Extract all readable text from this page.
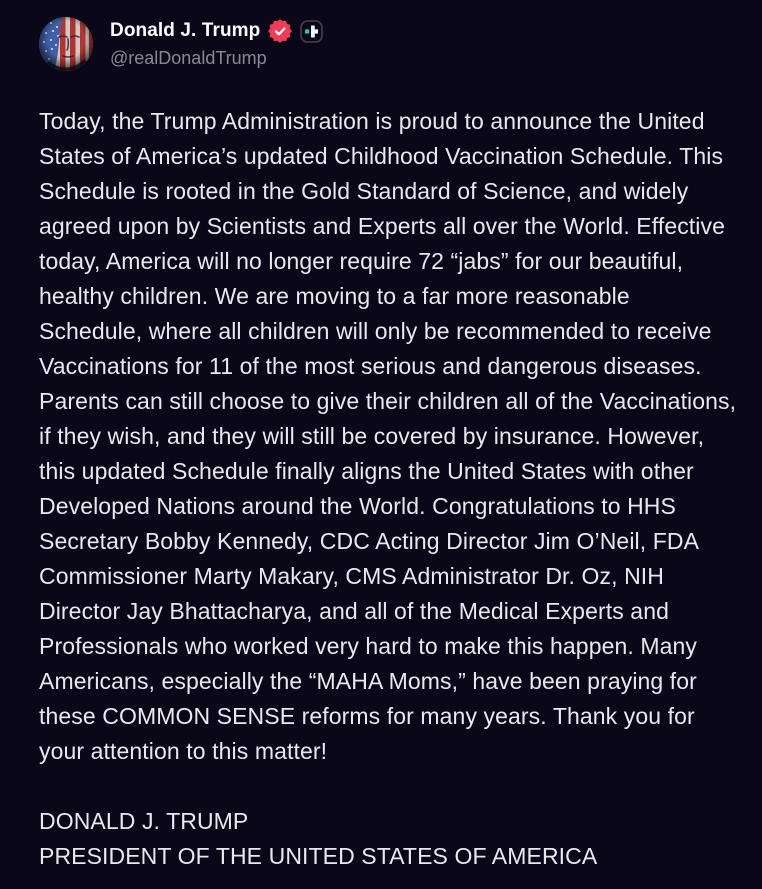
Donald J. Trump
@realDonaldTrump
Today, the Trump Administration is proud to announce the United States of America’s updated Childhood Vaccination Schedule. This Schedule is rooted in the Gold Standard of Science, and widely agreed upon by Scientists and Experts all over the World. Effective today, America will no longer require 72 “jabs” for our beautiful, healthy children. We are moving to a far more reasonable Schedule, where all children will only be recommended to receive Vaccinations for 11 of the most serious and dangerous diseases. Parents can still choose to give their children all of the Vaccinations, if they wish, and they will still be covered by insurance. However, this updated Schedule finally aligns the United States with other Developed Nations around the World. Congratulations to HHS Secretary Bobby Kennedy, CDC Acting Director Jim O’Neil, FDA Commissioner Marty Makary, CMS Administrator Dr. Oz, NIH Director Jay Bhattacharya, and all of the Medical Experts and Professionals who worked very hard to make this happen. Many Americans, especially the “MAHA Moms,” have been praying for these COMMON SENSE reforms for many years. Thank you for your attention to this matter!
DONALD J. TRUMP
PRESIDENT OF THE UNITED STATES OF AMERICA
